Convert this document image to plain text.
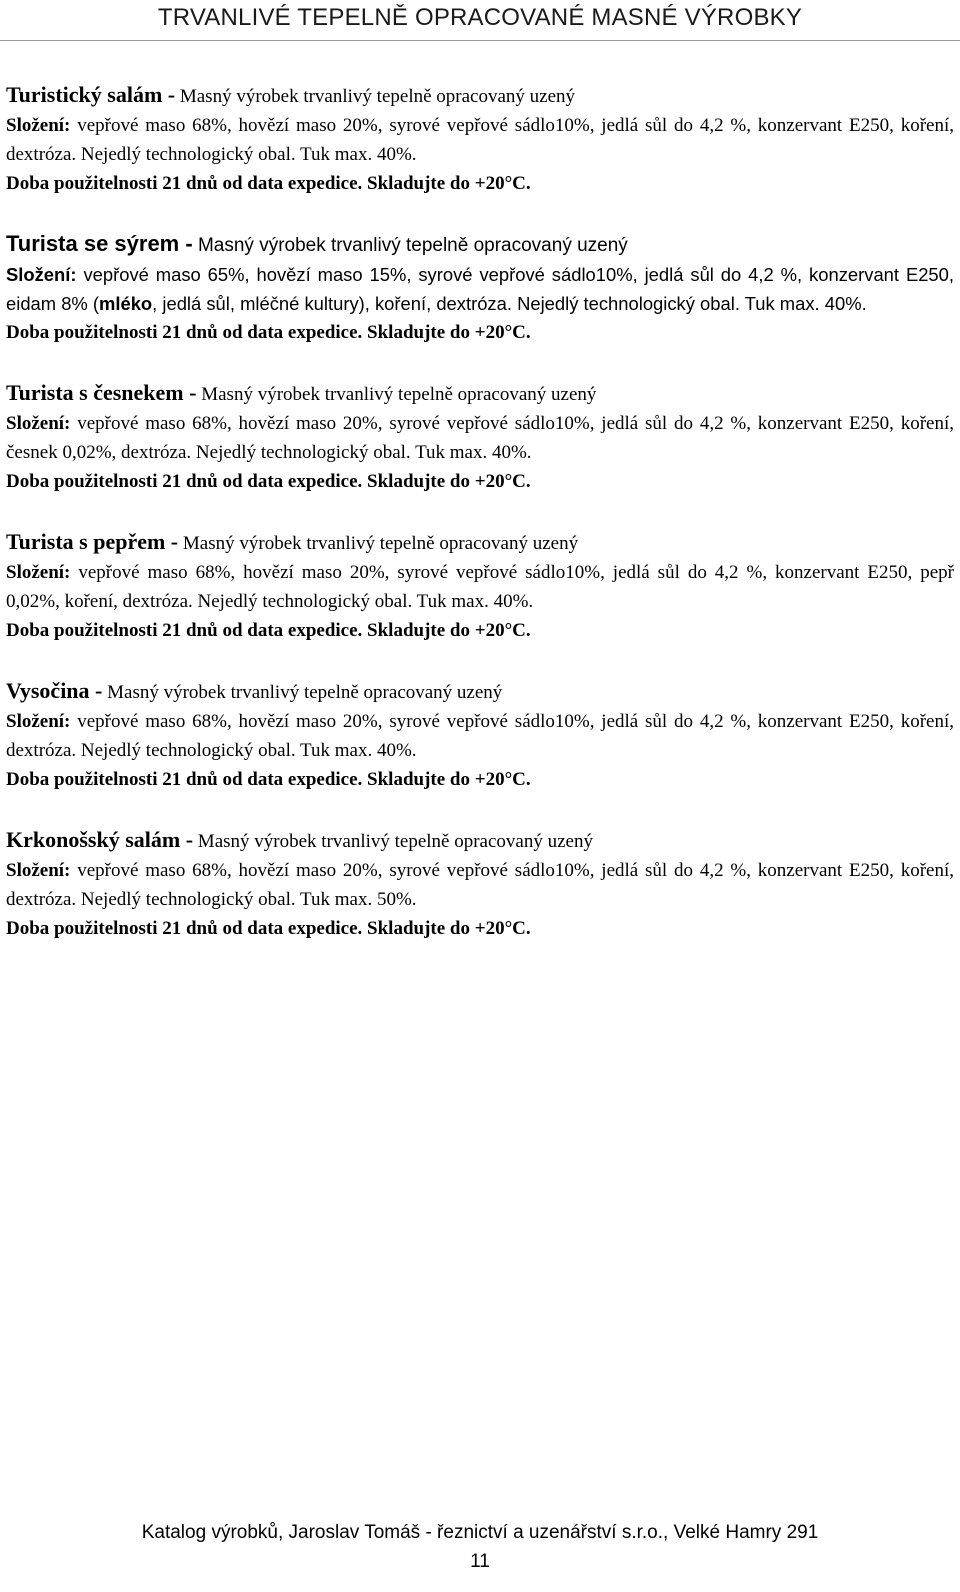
TRVANLIVÉ TEPELNĚ OPRACOVANÉ MASNÉ VÝROBKY
Turistický salám - Masný výrobek trvanlivý tepelně opracovaný uzený
Složení: vepřové maso 68%, hovězí maso 20%, syrové vepřové sádlo10%, jedlá sůl do 4,2 %, konzervant E250, koření, dextróza. Nejedlý technologický obal. Tuk max. 40%.
Doba použitelnosti 21 dnů od data expedice. Skladujte do +20°C.
Turista se sýrem - Masný výrobek trvanlivý tepelně opracovaný uzený
Složení: vepřové maso 65%, hovězí maso 15%, syrové vepřové sádlo10%, jedlá sůl do 4,2 %, konzervant E250, eidam 8% (mléko, jedlá sůl, mléčné kultury), koření, dextróza. Nejedlý technologický obal. Tuk max. 40%.
Doba použitelnosti 21 dnů od data expedice. Skladujte do +20°C.
Turista s česnekem - Masný výrobek trvanlivý tepelně opracovaný uzený
Složení: vepřové maso 68%, hovězí maso 20%, syrové vepřové sádlo10%, jedlá sůl do 4,2 %, konzervant E250, koření, česnek 0,02%, dextróza. Nejedlý technologický obal. Tuk max. 40%.
Doba použitelnosti 21 dnů od data expedice. Skladujte do +20°C.
Turista s pepřem - Masný výrobek trvanlivý tepelně opracovaný uzený
Složení: vepřové maso 68%, hovězí maso 20%, syrové vepřové sádlo10%, jedlá sůl do 4,2 %, konzervant E250, pepř 0,02%, koření, dextróza. Nejedlý technologický obal. Tuk max. 40%.
Doba použitelnosti 21 dnů od data expedice. Skladujte do +20°C.
Vysočina - Masný výrobek trvanlivý tepelně opracovaný uzený
Složení: vepřové maso 68%, hovězí maso 20%, syrové vepřové sádlo10%, jedlá sůl do 4,2 %, konzervant E250, koření, dextróza. Nejedlý technologický obal. Tuk max. 40%.
Doba použitelnosti 21 dnů od data expedice. Skladujte do +20°C.
Krkonošský salám - Masný výrobek trvanlivý tepelně opracovaný uzený
Složení: vepřové maso 68%, hovězí maso 20%, syrové vepřové sádlo10%, jedlá sůl do 4,2 %, konzervant E250, koření, dextróza. Nejedlý technologický obal. Tuk max. 50%.
Doba použitelnosti 21 dnů od data expedice. Skladujte do +20°C.
Katalog výrobků, Jaroslav Tomáš - řeznictví a uzenářství s.r.o., Velké Hamry 291
11
